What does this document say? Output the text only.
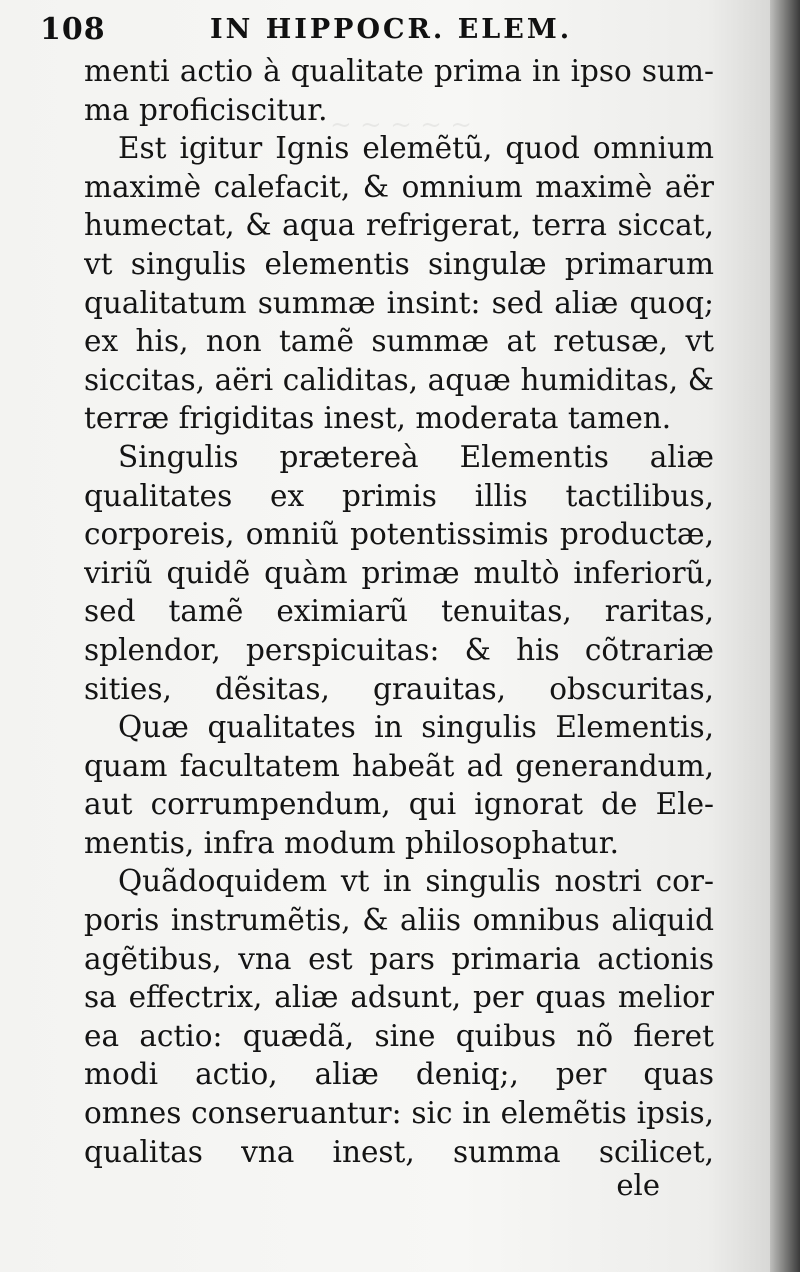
~ ~ ~ ~ ~
108	IN HIPPOCR. ELEM.
menti actio à qualitate prima in ipso sum-
ma proficiscitur.
Est igitur Ignis elemẽtũ, quod omnium
maximè calefacit, & omnium maximè aër
humectat, & aqua refrigerat, terra siccat,
vt singulis elementis singulæ primarum
qualitatum summæ insint: sed aliæ quoq;
ex his, non tamẽ summæ at retusæ, vt
siccitas, aëri caliditas, aquæ humiditas, &
terræ frigiditas inest, moderata tamen.
Singulis prætereà Elementis aliæ
qualitates ex primis illis tactilibus,
corporeis, omniũ potentissimis productæ,
viriũ quidẽ quàm primæ multò inferiorũ,
sed tamẽ eximiarũ tenuitas, raritas,
splendor, perspicuitas: & his cõtrariæ
sities, dẽsitas, grauitas, obscuritas,
Quæ qualitates in singulis Elementis,
quam facultatem habeãt ad generandum,
aut corrumpendum, qui ignorat de Ele-
mentis, infra modum philosophatur.
Quãdoquidem vt in singulis nostri cor-
poris instrumẽtis, & aliis omnibus aliquid
agẽtibus, vna est pars primaria actionis
sa effectrix, aliæ adsunt, per quas melior
ea actio: quædã, sine quibus nõ fieret
modi actio, aliæ deniq;, per quas
omnes conseruantur: sic in elemẽtis ipsis,
qualitas vna inest, summa scilicet,
ele
